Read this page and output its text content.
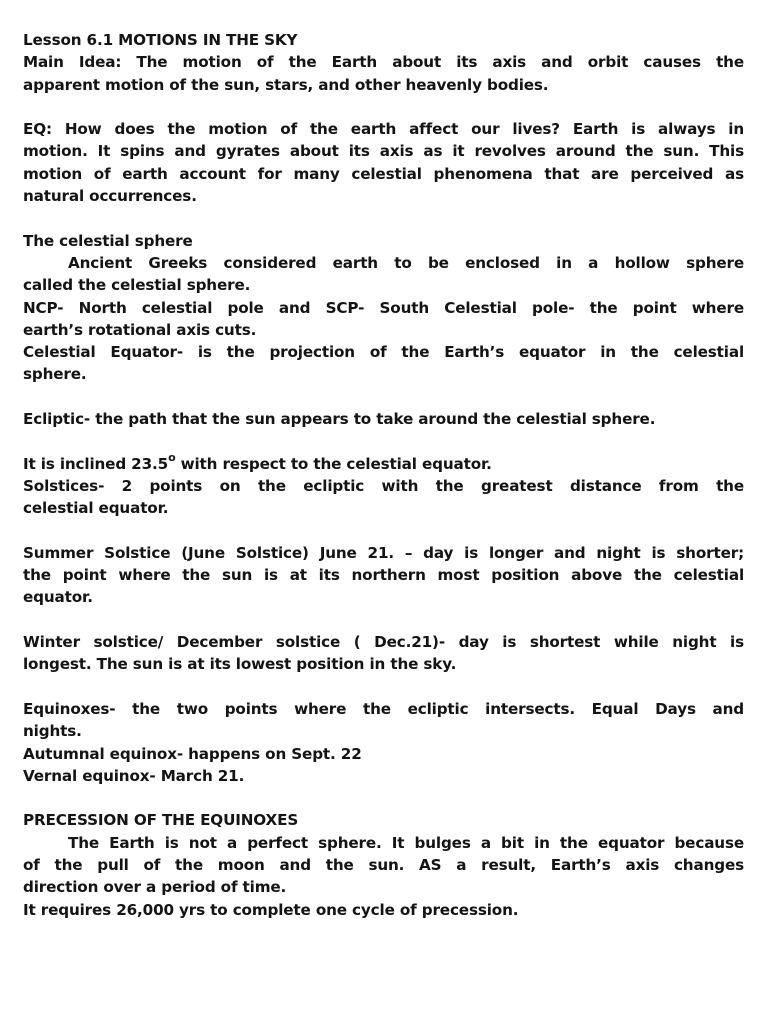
Lesson 6.1 MOTIONS IN THE SKY
Main Idea: The motion of the Earth about its axis and orbit causes the
apparent motion of the sun, stars, and other heavenly bodies.
EQ: How does the motion of the earth affect our lives? Earth is always in
motion. It spins and gyrates about its axis as it revolves around the sun. This
motion of earth account for many celestial phenomena that are perceived as
natural occurrences.
The celestial sphere
Ancient Greeks considered earth to be enclosed in a hollow sphere
called the celestial sphere.
NCP- North celestial pole and SCP- South Celestial pole- the point where
earth’s rotational axis cuts.
Celestial Equator- is the projection of the Earth’s equator in the celestial
sphere.
Ecliptic- the path that the sun appears to take around the celestial sphere.
It is inclined 23.5$^o$ with respect to the celestial equator.
Solstices- 2 points on the ecliptic with the greatest distance from the
celestial equator.
Summer Solstice (June Solstice) June 21. – day is longer and night is shorter;
the point where the sun is at its northern most position above the celestial
equator.
Winter solstice/ December solstice ( Dec.21)- day is shortest while night is
longest. The sun is at its lowest position in the sky.
Equinoxes- the two points where the ecliptic intersects. Equal Days and
nights.
Autumnal equinox- happens on Sept. 22
Vernal equinox- March 21.
PRECESSION OF THE EQUINOXES
The Earth is not a perfect sphere. It bulges a bit in the equator because
of the pull of the moon and the sun. AS a result, Earth’s axis changes
direction over a period of time.
It requires 26,000 yrs to complete one cycle of precession.
